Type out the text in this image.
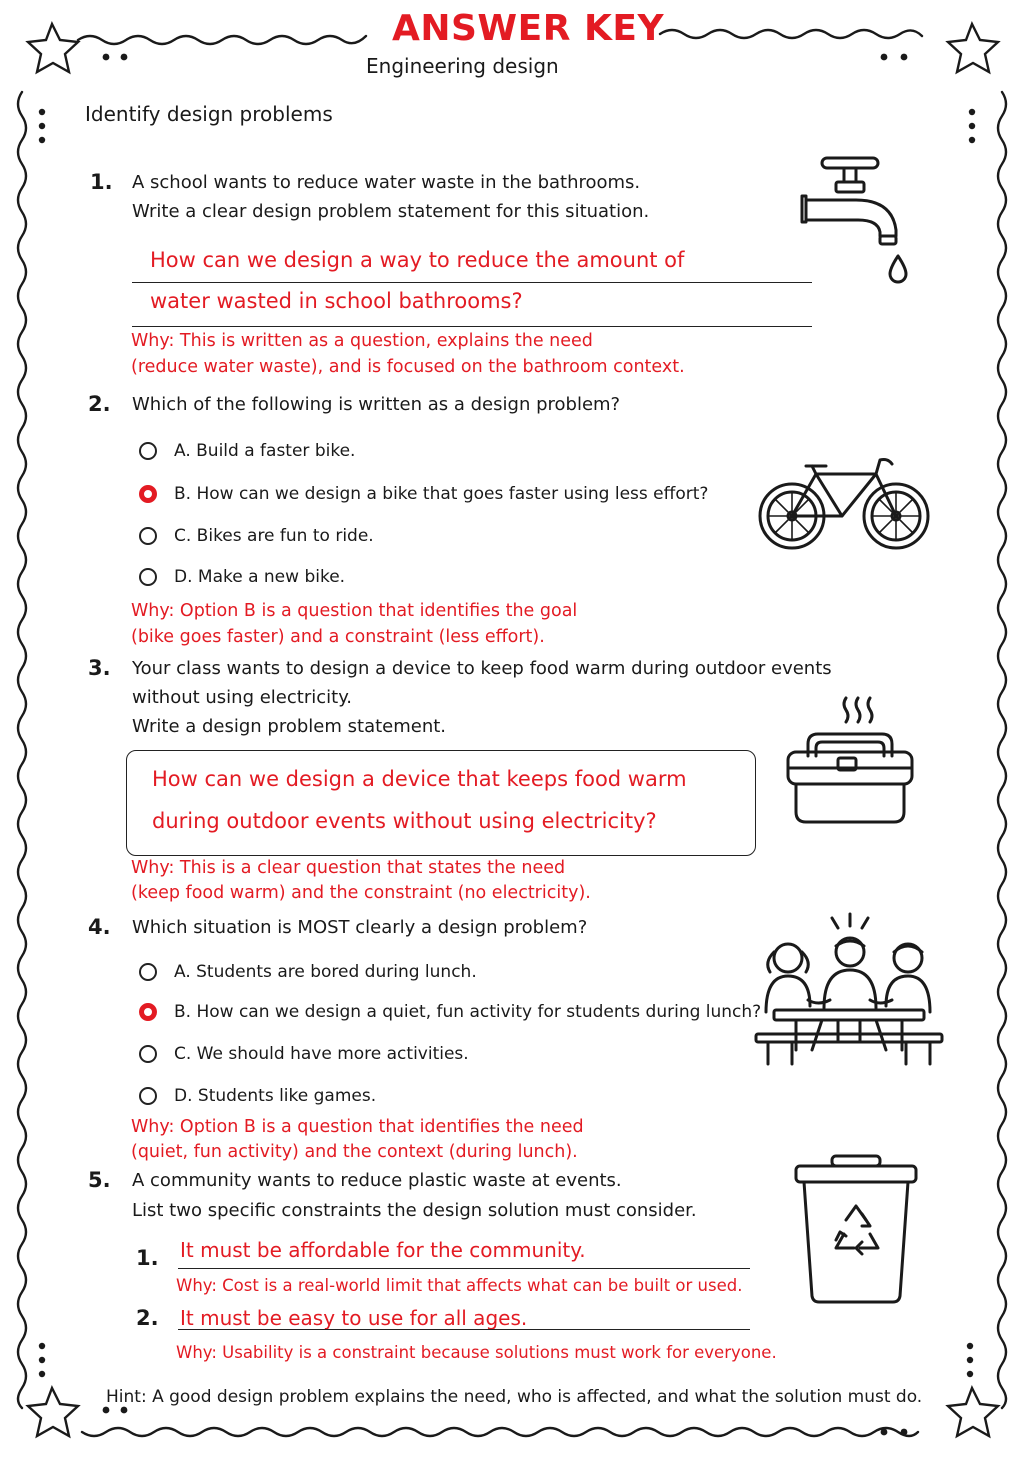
ANSWER KEY
Engineering design
Identify design problems
1. A school wants to reduce water waste in the bathrooms.
Write a clear design problem statement for this situation.
How can we design a way to reduce the amount of
water wasted in school bathrooms?
Why: This is written as a question, explains the need
(reduce water waste), and is focused on the bathroom context.
2. Which of the following is written as a design problem?
A. Build a faster bike.
B. How can we design a bike that goes faster using less effort?
C. Bikes are fun to ride.
D. Make a new bike.
Why: Option B is a question that identifies the goal
(bike goes faster) and a constraint (less effort).
3. Your class wants to design a device to keep food warm during outdoor events
without using electricity.
Write a design problem statement.
How can we design a device that keeps food warm
during outdoor events without using electricity?
Why: This is a clear question that states the need
(keep food warm) and the constraint (no electricity).
4. Which situation is MOST clearly a design problem?
A. Students are bored during lunch.
B. How can we design a quiet, fun activity for students during lunch?
C. We should have more activities.
D. Students like games.
Why: Option B is a question that identifies the need
(quiet, fun activity) and the context (during lunch).
5. A community wants to reduce plastic waste at events.
List two specific constraints the design solution must consider.
1. It must be affordable for the community.
Why: Cost is a real-world limit that affects what can be built or used.
2. It must be easy to use for all ages.
Why: Usability is a constraint because solutions must work for everyone.
Hint: A good design problem explains the need, who is affected, and what the solution must do.
